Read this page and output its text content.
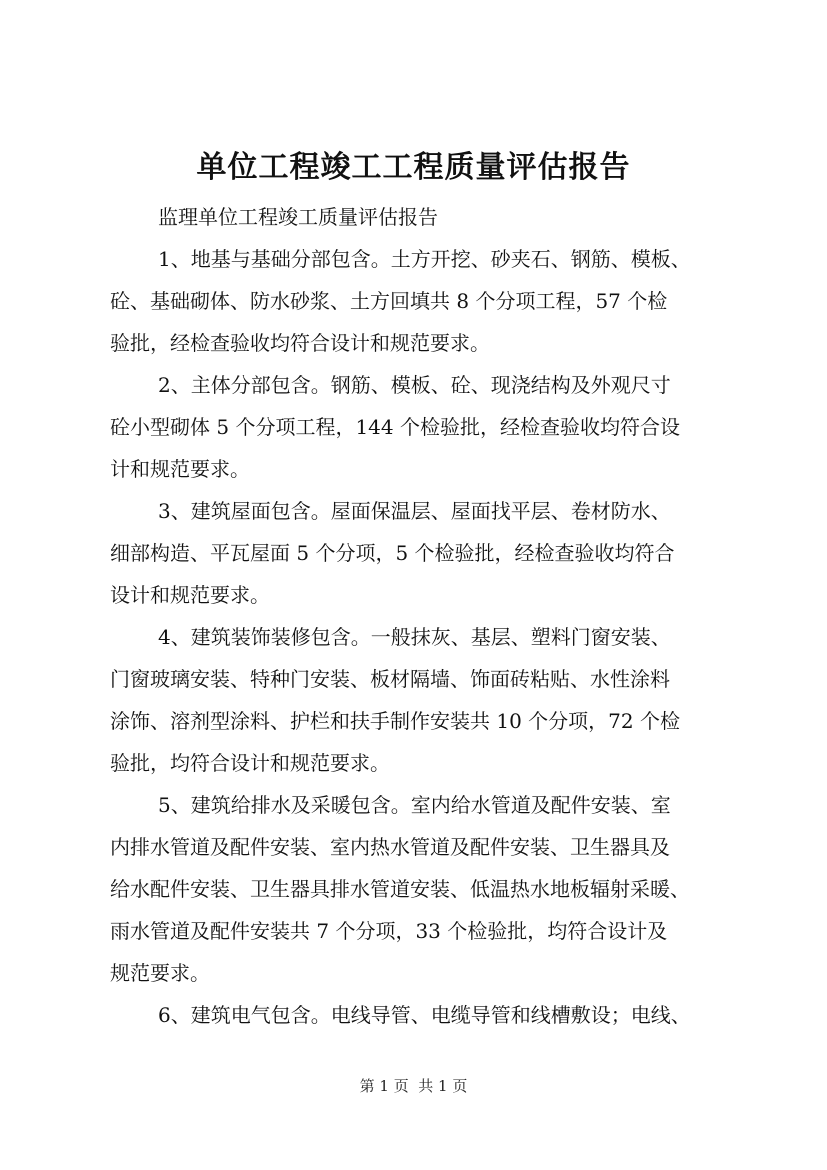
单位工程竣工工程质量评估报告
监理单位工程竣工质量评估报告
1、地基与基础分部包含。土方开挖、砂夹石、钢筋、模板、
砼、基础砌体、防水砂浆、土方回填共 8 个分项工程，57 个检
验批，经检查验收均符合设计和规范要求。
2、主体分部包含。钢筋、模板、砼、现浇结构及外观尺寸
砼小型砌体 5 个分项工程，144 个检验批，经检查验收均符合设
计和规范要求。
3、建筑屋面包含。屋面保温层、屋面找平层、卷材防水、
细部构造、平瓦屋面 5 个分项，5 个检验批，经检查验收均符合
设计和规范要求。
4、建筑装饰装修包含。一般抹灰、基层、塑料门窗安装、
门窗玻璃安装、特种门安装、板材隔墙、饰面砖粘贴、水性涂料
涂饰、溶剂型涂料、护栏和扶手制作安装共 10 个分项，72 个检
验批，均符合设计和规范要求。
5、建筑给排水及采暖包含。室内给水管道及配件安装、室
内排水管道及配件安装、室内热水管道及配件安装、卫生器具及
给水配件安装、卫生器具排水管道安装、低温热水地板辐射采暖、
雨水管道及配件安装共 7 个分项，33 个检验批，均符合设计及
规范要求。
6、建筑电气包含。电线导管、电缆导管和线槽敷设；电线、
第 1 页  共 1 页
